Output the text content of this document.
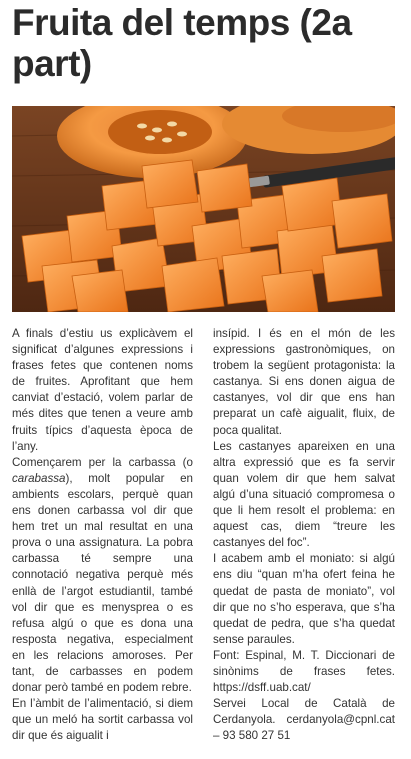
Fruita del temps (2a part)

A finals d’estiu us explicàvem el significat d’algunes expressions i frases fetes que contenen noms de fruites. Aprofitant que hem canviat d’estació, volem parlar de més dites que tenen a veure amb fruits típics d’aquesta època de l’any.

Començarem per la carbassa (o carabassa), molt popular en ambients escolars, perquè quan ens donen carbassa vol dir que hem tret un mal resultat en una prova o una assignatura. La pobra carbassa té sempre una connotació negativa perquè més enllà de l’argot estudiantil, també vol dir que es menysprea o es refusa algú o que es dona una resposta negativa, especialment en les relacions amoroses. Per tant, de carbasses en podem donar però també en podem rebre.

En l’àmbit de l’alimentació, si diem que un meló ha sortit carbassa vol dir que és aigualit i

insípid. I és en el món de les expressions gastronòmiques, on trobem la següent protagonista: la castanya. Si ens donen aigua de castanyes, vol dir que ens han preparat un cafè aigualit, fluix, de poca qualitat.

Les castanyes apareixen en una altra expressió que es fa servir quan volem dir que hem salvat algú d’una situació compromesa o que li hem resolt el problema: en aquest cas, diem “treure les castanyes del foc”.

I acabem amb el moniato: si algú ens diu “quan m’ha ofert feina he quedat de pasta de moniato”, vol dir que no s’ho esperava, que s’ha quedat de pedra, que s’ha quedat sense paraules.

Font: Espinal, M. T. Diccionari de sinònims de frases fetes. https://dsff.uab.cat/

Servei Local de Català de Cerdanyola. cerdanyola@cpnl.cat – 93 580 27 51
